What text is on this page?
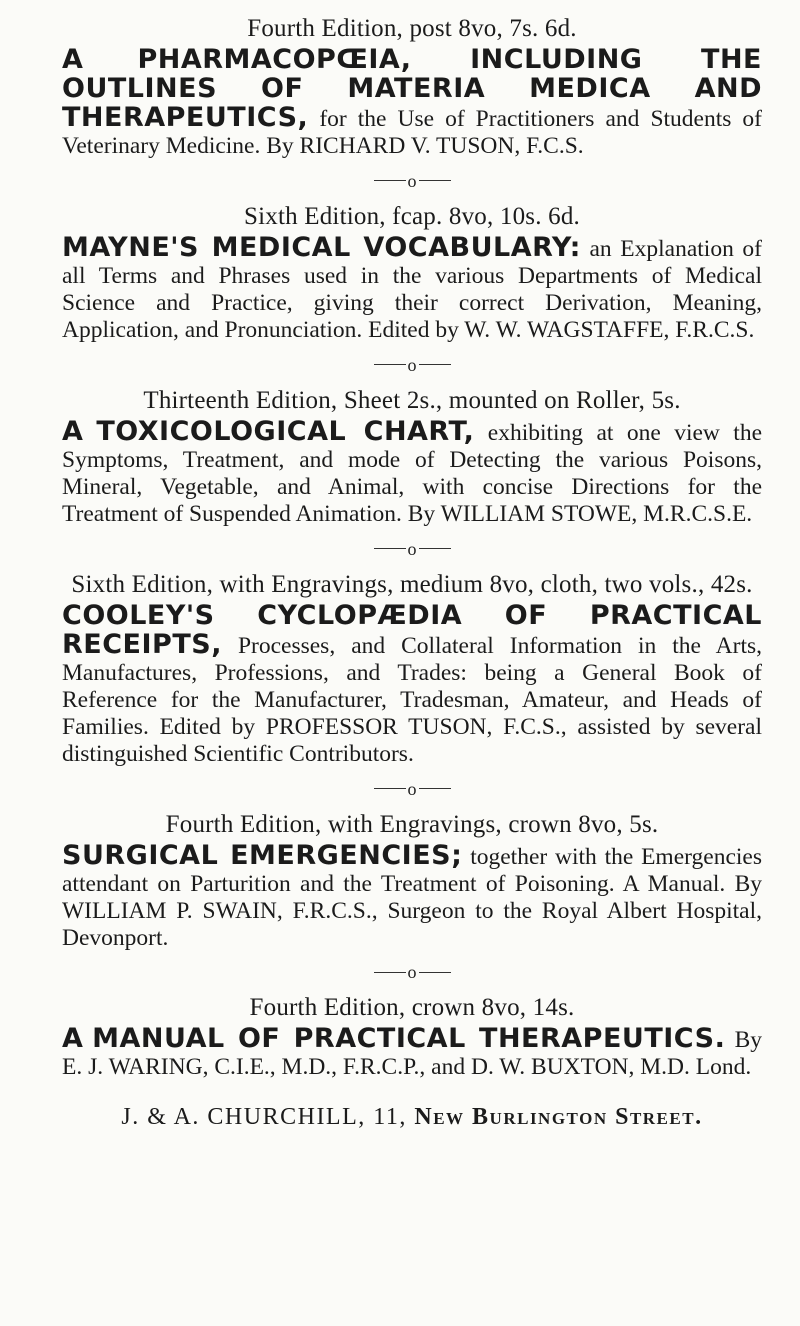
Fourth Edition, post 8vo, 7s. 6d.

A PHARMACOPŒIA, INCLUDING THE OUTLINES OF MATERIA MEDICA AND THERAPEUTICS, for the Use of Practitioners and Students of Veterinary Medicine. By RICHARD V. TUSON, F.C.S.

o

Sixth Edition, fcap. 8vo, 10s. 6d.

MAYNE'S MEDICAL VOCABULARY: an Explanation of all Terms and Phrases used in the various Departments of Medical Science and Practice, giving their correct Derivation, Meaning, Application, and Pronunciation. Edited by W. W. WAGSTAFFE, F.R.C.S.

o

Thirteenth Edition, Sheet 2s., mounted on Roller, 5s.

A TOXICOLOGICAL CHART, exhibiting at one view the Symptoms, Treatment, and mode of Detecting the various Poisons, Mineral, Vegetable, and Animal, with concise Directions for the Treatment of Suspended Animation. By WILLIAM STOWE, M.R.C.S.E.

o

Sixth Edition, with Engravings, medium 8vo, cloth, two vols., 42s.

COOLEY'S CYCLOPÆDIA OF PRACTICAL RECEIPTS, Processes, and Collateral Information in the Arts, Manufactures, Professions, and Trades: being a General Book of Reference for the Manufacturer, Tradesman, Amateur, and Heads of Families. Edited by PROFESSOR TUSON, F.C.S., assisted by several distinguished Scientific Contributors.

o

Fourth Edition, with Engravings, crown 8vo, 5s.

SURGICAL EMERGENCIES; together with the Emergencies attendant on Parturition and the Treatment of Poisoning. A Manual. By WILLIAM P. SWAIN, F.R.C.S., Surgeon to the Royal Albert Hospital, Devonport.

o

Fourth Edition, crown 8vo, 14s.

A MANUAL OF PRACTICAL THERAPEUTICS. By E. J. WARING, C.I.E., M.D., F.R.C.P., and D. W. BUXTON, M.D. Lond.

J. & A. CHURCHILL, 11, New Burlington Street.
